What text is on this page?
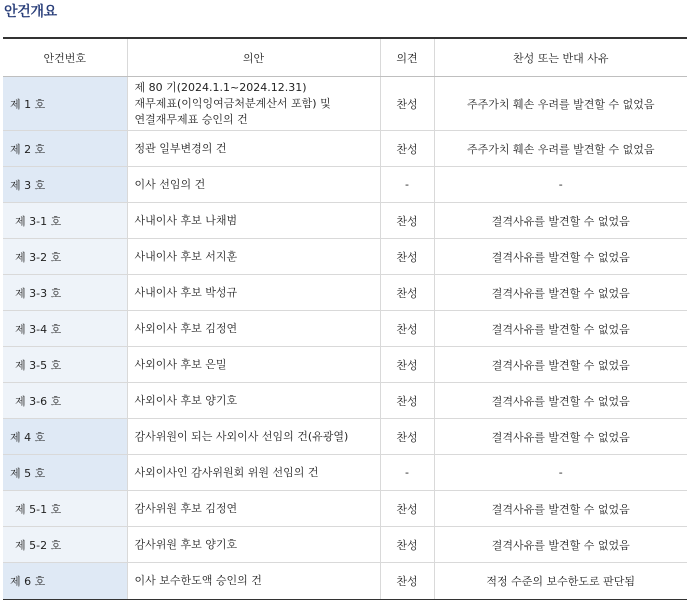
안건개요
안건번호	의안	의견	찬성 또는 반대 사유
제 1 호	제 80 기(2024.1.1~2024.12.31)
재무제표(이익잉여금처분계산서 포함) 및
연결재무제표 승인의 건	찬성	주주가치 훼손 우려를 발견할 수 없었음
제 2 호	정관 일부변경의 건	찬성	주주가치 훼손 우려를 발견할 수 없었음
제 3 호	이사 선임의 건	-	-
제 3-1 호	사내이사 후보 나채범	찬성	결격사유를 발견할 수 없었음
제 3-2 호	사내이사 후보 서지훈	찬성	결격사유를 발견할 수 없었음
제 3-3 호	사내이사 후보 박성규	찬성	결격사유를 발견할 수 없었음
제 3-4 호	사외이사 후보 김정연	찬성	결격사유를 발견할 수 없었음
제 3-5 호	사외이사 후보 은밀	찬성	결격사유를 발견할 수 없었음
제 3-6 호	사외이사 후보 양기호	찬성	결격사유를 발견할 수 없었음
제 4 호	감사위원이 되는 사외이사 선임의 건(유광열)	찬성	결격사유를 발견할 수 없었음
제 5 호	사외이사인 감사위원회 위원 선임의 건	-	-
제 5-1 호	감사위원 후보 김정연	찬성	결격사유를 발견할 수 없었음
제 5-2 호	감사위원 후보 양기호	찬성	결격사유를 발견할 수 없었음
제 6 호	이사 보수한도액 승인의 건	찬성	적정 수준의 보수한도로 판단됨
